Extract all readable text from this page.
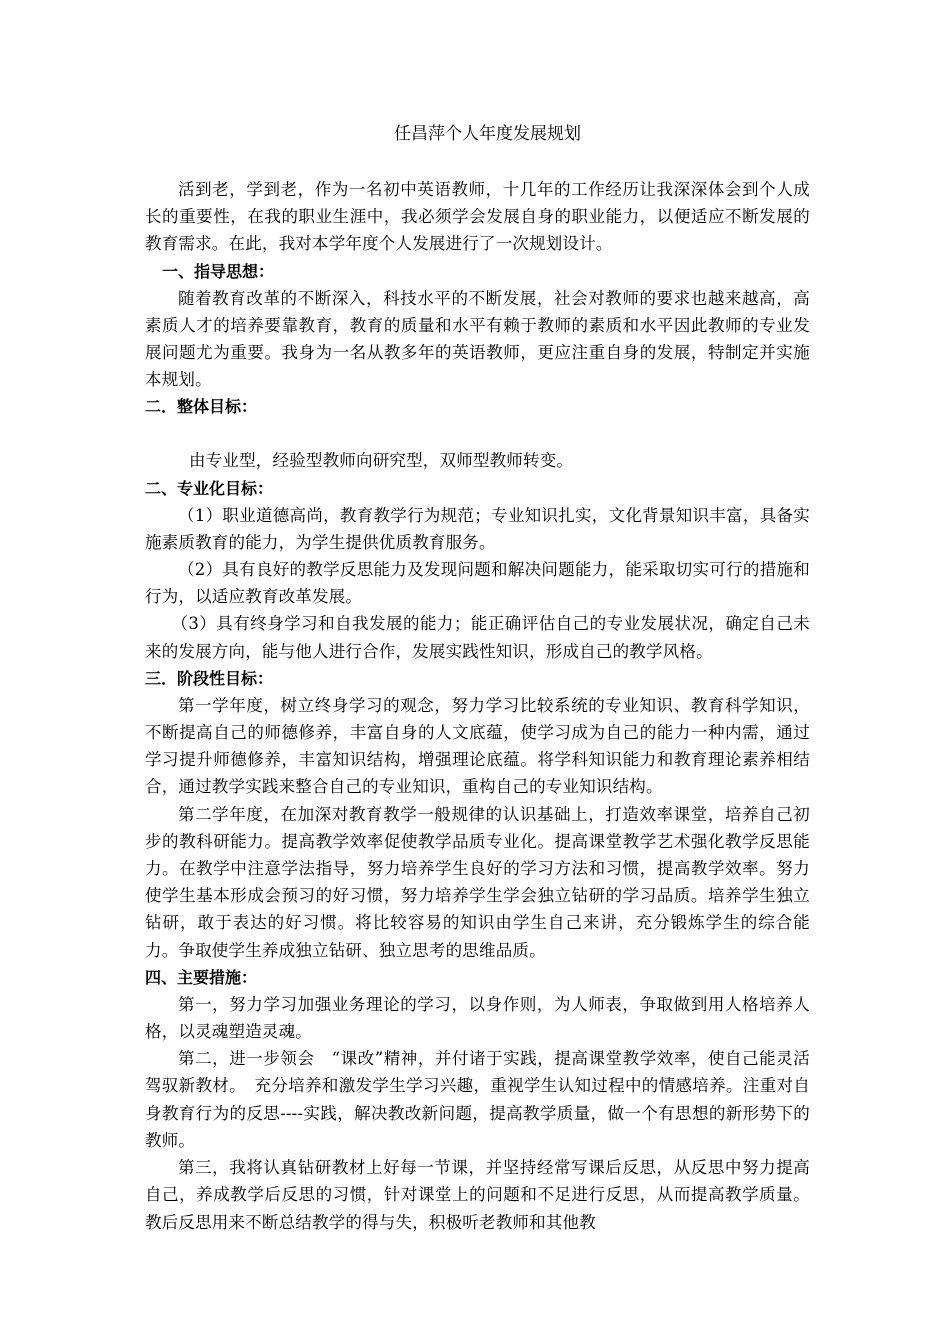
任昌萍个人年度发展规划

活到老，学到老，作为一名初中英语教师，十几年的工作经历让我深深体会到个人成长的重要性，在我的职业生涯中，我必须学会发展自身的职业能力，以便适应不断发展的教育需求。在此，我对本学年度个人发展进行了一次规划设计。

一、指导思想：

随着教育改革的不断深入，科技水平的不断发展，社会对教师的要求也越来越高，高素质人才的培养要靠教育，教育的质量和水平有赖于教师的素质和水平因此教师的专业发展问题尤为重要。我身为一名从教多年的英语教师，更应注重自身的发展，特制定并实施本规划。

二．整体目标：

由专业型，经验型教师向研究型，双师型教师转变。

二、专业化目标：

（1）职业道德高尚，教育教学行为规范；专业知识扎实，文化背景知识丰富，具备实施素质教育的能力，为学生提供优质教育服务。

（2）具有良好的教学反思能力及发现问题和解决问题能力，能采取切实可行的措施和行为，以适应教育改革发展。

（3）具有终身学习和自我发展的能力；能正确评估自己的专业发展状况，确定自己未来的发展方向，能与他人进行合作，发展实践性知识，形成自己的教学风格。

三．阶段性目标：

第一学年度，树立终身学习的观念，努力学习比较系统的专业知识、教育科学知识，不断提高自己的师德修养，丰富自身的人文底蕴，使学习成为自己的能力一种内需，通过学习提升师德修养，丰富知识结构，增强理论底蕴。将学科知识能力和教育理论素养相结合，通过教学实践来整合自己的专业知识，重构自己的专业知识结构。

第二学年度，在加深对教育教学一般规律的认识基础上，打造效率课堂，培养自己初步的教科研能力。提高教学效率促使教学品质专业化。提高课堂教学艺术强化教学反思能力。在教学中注意学法指导，努力培养学生良好的学习方法和习惯，提高教学效率。努力使学生基本形成会预习的好习惯，努力培养学生学会独立钻研的学习品质。培养学生独立钻研，敢于表达的好习惯。将比较容易的知识由学生自己来讲，充分锻炼学生的综合能力。争取使学生养成独立钻研、独立思考的思维品质。

四、主要措施：

第一，努力学习加强业务理论的学习，以身作则，为人师表，争取做到用人格培养人格，以灵魂塑造灵魂。

第二，进一步领会　“课改”精神，并付诸于实践，提高课堂教学效率，使自己能灵活驾驭新教材。　充分培养和激发学生学习兴趣，重视学生认知过程中的情感培养。注重对自身教育行为的反思----实践，解决教改新问题，提高教学质量，做一个有思想的新形势下的教师。

第三，我将认真钻研教材上好每一节课，并坚持经常写课后反思，从反思中努力提高自己，养成教学后反思的习惯，针对课堂上的问题和不足进行反思，从而提高教学质量。教后反思用来不断总结教学的得与失，积极听老教师和其他教
